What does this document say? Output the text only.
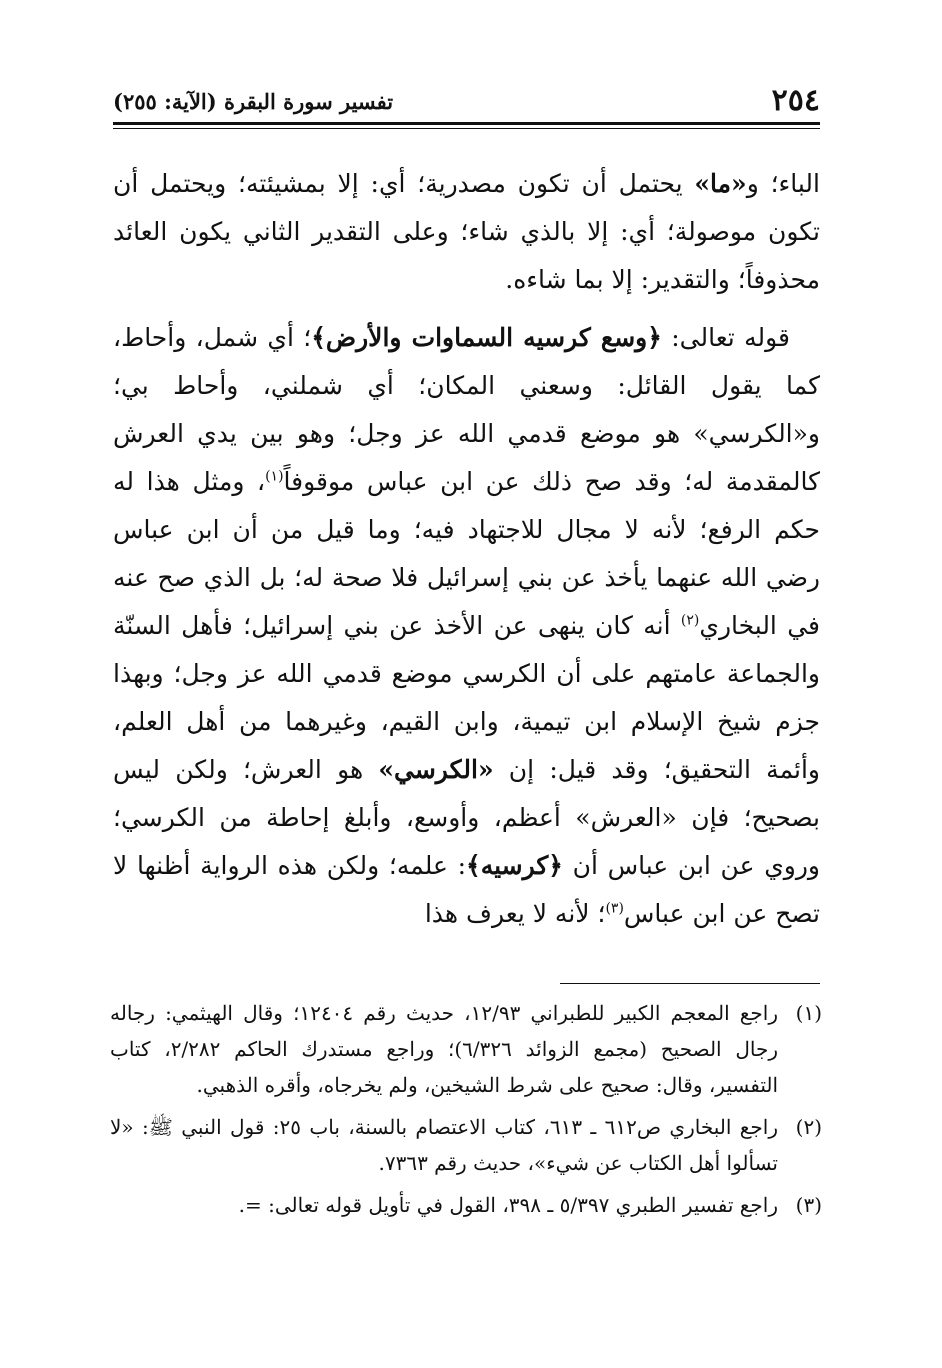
٢٥٤
تفسير سورة البقرة (الآية: ٢٥٥)

الباء؛ و«ما» يحتمل أن تكون مصدرية؛ أي: إلا بمشيئته؛ ويحتمل أن تكون موصولة؛ أي: إلا بالذي شاء؛ وعلى التقدير الثاني يكون العائد محذوفاً؛ والتقدير: إلا بما شاءه.

قوله تعالى: ﴿وسع كرسيه السماوات والأرض﴾؛ أي شمل، وأحاط، كما يقول القائل: وسعني المكان؛ أي شملني، وأحاط بي؛ و«الكرسي» هو موضع قدمي الله عز وجل؛ وهو بين يدي العرش كالمقدمة له؛ وقد صح ذلك عن ابن عباس موقوفاً$^{(١)}$، ومثل هذا له حكم الرفع؛ لأنه لا مجال للاجتهاد فيه؛ وما قيل من أن ابن عباس رضي الله عنهما يأخذ عن بني إسرائيل فلا صحة له؛ بل الذي صح عنه في البخاري$^{(٢)}$ أنه كان ينهى عن الأخذ عن بني إسرائيل؛ فأهل السنّة والجماعة عامتهم على أن الكرسي موضع قدمي الله عز وجل؛ وبهذا جزم شيخ الإسلام ابن تيمية، وابن القيم، وغيرهما من أهل العلم، وأئمة التحقيق؛ وقد قيل: إن «الكرسي» هو العرش؛ ولكن ليس بصحيح؛ فإن «العرش» أعظم، وأوسع، وأبلغ إحاطة من الكرسي؛ وروي عن ابن عباس أن ﴿كرسيه﴾: علمه؛ ولكن هذه الرواية أظنها لا تصح عن ابن عباس$^{(٣)}$؛ لأنه لا يعرف هذا

(١)
راجع المعجم الكبير للطبراني ١٢/٩٣، حديث رقم ١٢٤٠٤؛ وقال الهيثمي: رجاله رجال الصحيح (مجمع الزوائد ٦/٣٢٦)؛ وراجع مستدرك الحاكم ٢/٢٨٢، كتاب التفسير، وقال: صحيح على شرط الشيخين، ولم يخرجاه، وأقره الذهبي.
(٢)
راجع البخاري ص٦١٢ ـ ٦١٣، كتاب الاعتصام بالسنة، باب ٢٥: قول النبي ﷺ: «لا تسألوا أهل الكتاب عن شيء»، حديث رقم ٧٣٦٣.
(٣)
راجع تفسير الطبري ٥/٣٩٧ ـ ٣٩٨، القول في تأويل قوله تعالى: =.
